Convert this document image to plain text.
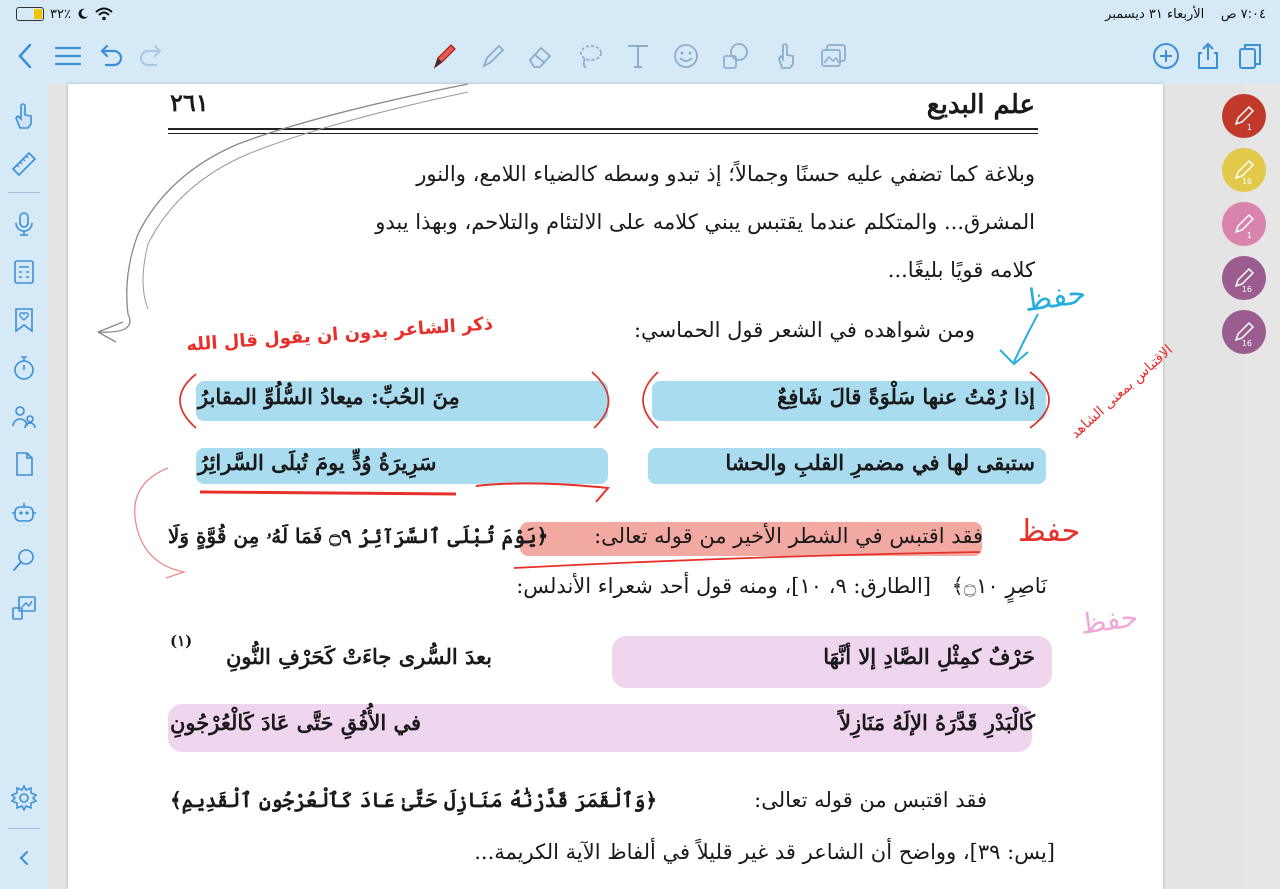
٪٣٢	٧:٠٤ ص    الأربعاء ٣١ ديسمبر
علم البديع
٢٦١
وبلاغة كما تضفي عليه حسنًا وجمالاً؛ إذ تبدو وسطه كالضياء اللامع، والنور
المشرق... والمتكلم عندما يقتبس يبني كلامه على الالتئام والتلاحم، وبهذا يبدو
كلامه قويًا بليغًا...
ومن شواهده في الشعر قول الحماسي:
إذا رُمْتُ عنها سَلْوَةً قالَ شَافِعٌ
مِنَ الحُبِّ: ميعادُ السُّلُوِّ المقابرُ
ستبقى لها في مضمرِ القلبِ والحشا
سَرِيرَةُ وُدٍّ يومَ تُبلَى السَّرائِرُ
فقد اقتبس في الشطر الأخير من قوله تعالى:
﴿يَوْمَ تُبْلَى ٱلسَّرَآئِرُ ۝٩ فَمَا لَهُۥ مِن قُوَّةٍ وَلَا
نَاصِرٍ ۝١٠﴾
[الطارق: ٩، ١٠]، ومنه قول أحد شعراء الأندلس:
حَرْفٌ كمِثْلِ الصَّادِ إلا أنَّهَا
بعدَ السُّرى جاءَتْ كَحَرْفِ النُّونِ
(١)
كَالْبَدْرِ قَدَّرَهُ الإلَهُ مَنَازِلاً
في الأُفُقِ حَتَّى عَادَ كَالْعُرْجُونِ
فقد اقتبس من قوله تعالى:
﴿وَٱلْقَمَرَ قَدَّرْنَٰهُ مَنَازِلَ حَتَّىٰ عَادَ كَٱلْعُرْجُونِ ٱلْقَدِيمِ﴾
[يس: ٣٩]، وواضح أن الشاعر قد غير قليلاً في ألفاظ الآية الكريمة...
ذكر الشاعر بدون ان يقول قال الله
حفظ
حفظ
حفظ
الاقتباس بمعنى الشاهد
1
16
1
16
16
